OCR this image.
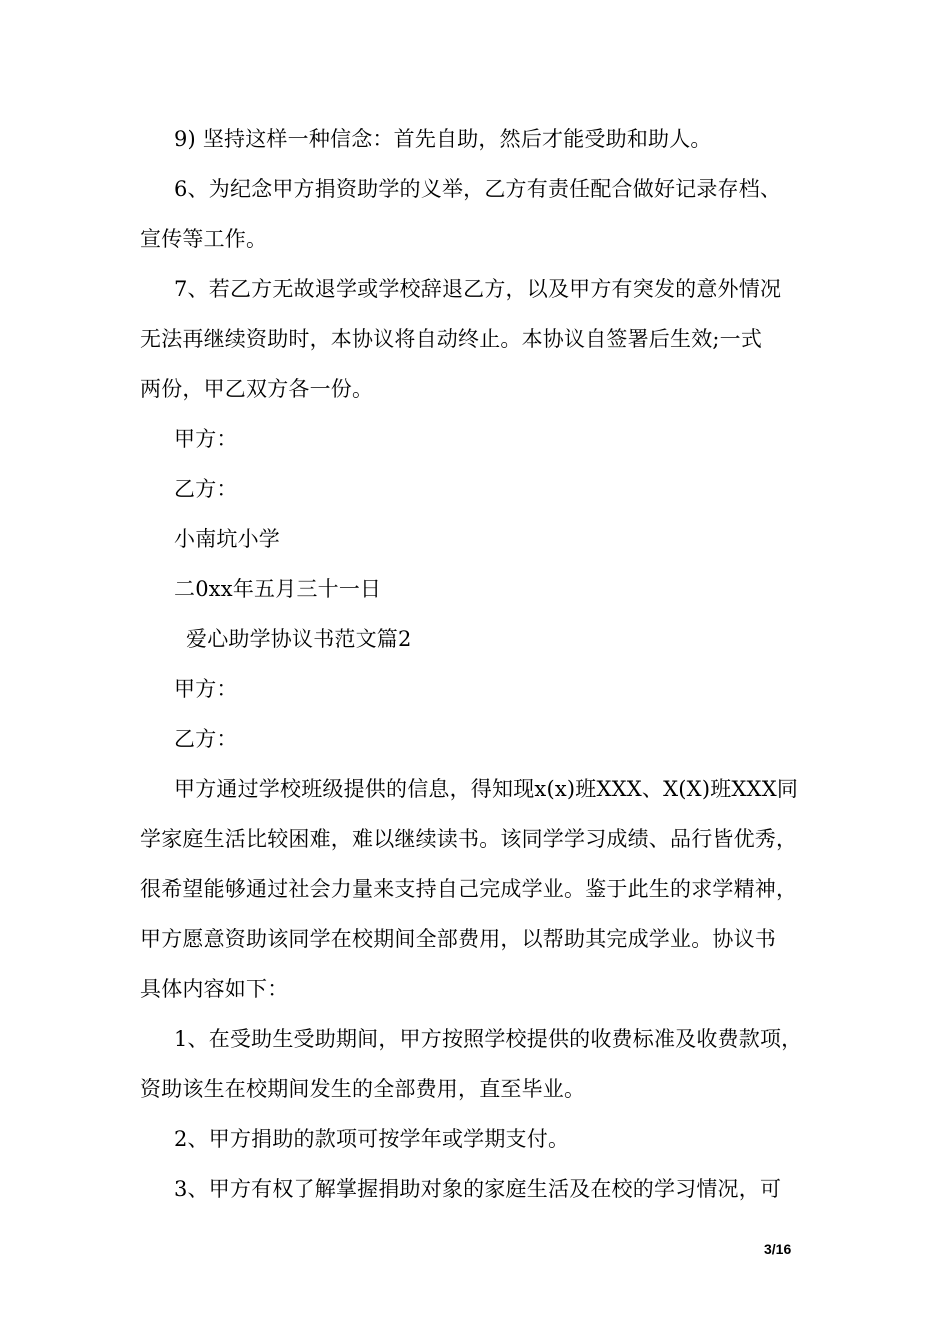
9) 坚持这样一种信念：首先自助，然后才能受助和助人。
6、为纪念甲方捐资助学的义举，乙方有责任配合做好记录存档、
宣传等工作。
7、若乙方无故退学或学校辞退乙方，以及甲方有突发的意外情况
无法再继续资助时，本协议将自动终止。本协议自签署后生效;一式
两份，甲乙双方各一份。
甲方：
乙方：
小南坑小学
二0xx年五月三十一日
爱心助学协议书范文篇2
甲方：
乙方：
甲方通过学校班级提供的信息，得知现x(x)班XXX、X(X)班XXX同
学家庭生活比较困难，难以继续读书。该同学学习成绩、品行皆优秀，
很希望能够通过社会力量来支持自己完成学业。鉴于此生的求学精神，
甲方愿意资助该同学在校期间全部费用，以帮助其完成学业。协议书
具体内容如下：
1、在受助生受助期间，甲方按照学校提供的收费标准及收费款项，
资助该生在校期间发生的全部费用，直至毕业。
2、甲方捐助的款项可按学年或学期支付。
3、甲方有权了解掌握捐助对象的家庭生活及在校的学习情况，可
3/16
